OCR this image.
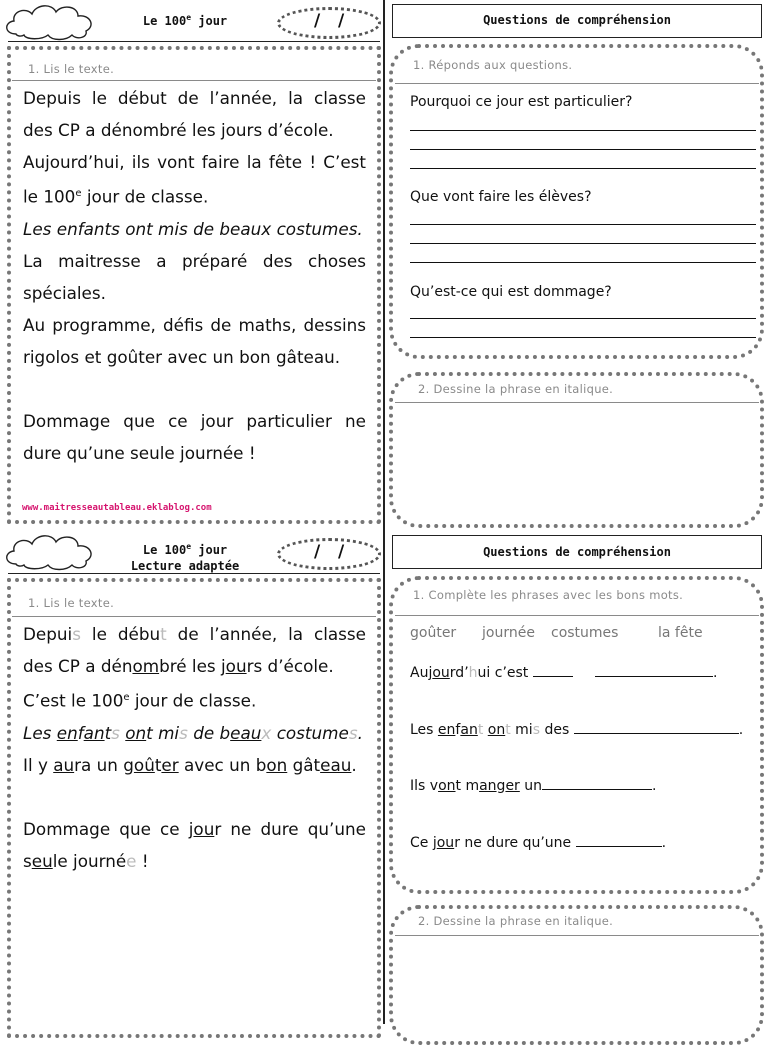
Le 100e jour	/   /
1. Lis le texte.

Depuis le début de l’année, la classe des CP a dénombré les jours d’école.

Aujourd’hui, ils vont faire la fête ! C’est le 100e jour de classe.

Les enfants ont mis de beaux costumes.

La maitresse a préparé des choses spéciales.

Au programme, défis de maths, dessins rigolos et goûter avec un bon gâteau.

Dommage que ce jour particulier ne dure qu’une seule journée !

www.maitresseautableau.eklablog.com
Questions de compréhension
1. Réponds aux questions.
Pourquoi ce jour est particulier?
Que vont faire les élèves?
Qu’est-ce qui est dommage?
2. Dessine la phrase en italique.
Le 100e jour
Lecture adaptée
/   /
1. Lis le texte.

Depuis le début de l’année, la classe des CP a dénombré les jours d’école.

C’est le 100e jour de classe.

Les enfants ont mis de beaux costumes.

Il y aura un goûter avec un bon gâteau.

Dommage que ce jour ne dure qu’une seule journée !

Questions de compréhension
1. Complète les phrases avec les bons mots.
goûter journée costumes	la fête
Aujourd’hui c’est	.
Les enfant ont mis des	.
Ils vont manger un	.
Ce jour ne dure qu’une	.
2. Dessine la phrase en italique.
